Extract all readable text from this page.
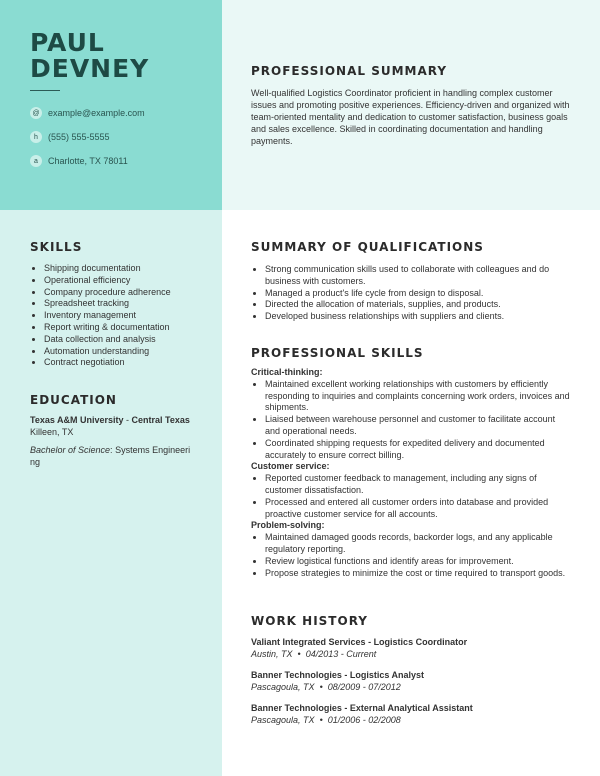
PAUL
DEVNEY
@ example@example.com
h	(555) 555-5555
a	Charlotte, TX 78011
PROFESSIONAL SUMMARY
Well-qualified Logistics Coordinator proficient in handling complex customer issues and promoting positive experiences. Efficiency-driven and organized with team-oriented mentality and dedication to customer satisfaction, business goals and sales excellence. Skilled in coordinating documentation and handling payments.
SKILLS
• Shipping documentation
• Operational efficiency
• Company procedure adherence
• Spreadsheet tracking
• Inventory management
• Report writing & documentation
• Data collection and analysis
• Automation understanding
• Contract negotiation
EDUCATION
Texas A&M University - Central Texas
Killeen, TX
Bachelor of Science: Systems Engineeri ng
SUMMARY OF QUALIFICATIONS
• Strong communication skills used to collaborate with colleagues and do business with customers.
• Managed a product's life cycle from design to disposal.
• Directed the allocation of materials, supplies, and products.
• Developed business relationships with suppliers and clients.
PROFESSIONAL SKILLS
Critical-thinking:
• Maintained excellent working relationships with customers by efficiently responding to inquiries and complaints concerning work orders, invoices and shipments.
• Liaised between warehouse personnel and customer to facilitate account and operational needs.
• Coordinated shipping requests for expedited delivery and documented accurately to ensure correct billing.
Customer service:
• Reported customer feedback to management, including any signs of customer dissatisfaction.
• Processed and entered all customer orders into database and provided proactive customer service for all accounts.
Problem-solving:
• Maintained damaged goods records, backorder logs, and any applicable regulatory reporting.
• Review logistical functions and identify areas for improvement.
• Propose strategies to minimize the cost or time required to transport goods.
WORK HISTORY
Valiant Integrated Services - Logistics Coordinator
Austin, TX • 04/2013 - Current
Banner Technologies - Logistics Analyst
Pascagoula, TX • 08/2009 - 07/2012
Banner Technologies - External Analytical Assistant
Pascagoula, TX • 01/2006 - 02/2008
